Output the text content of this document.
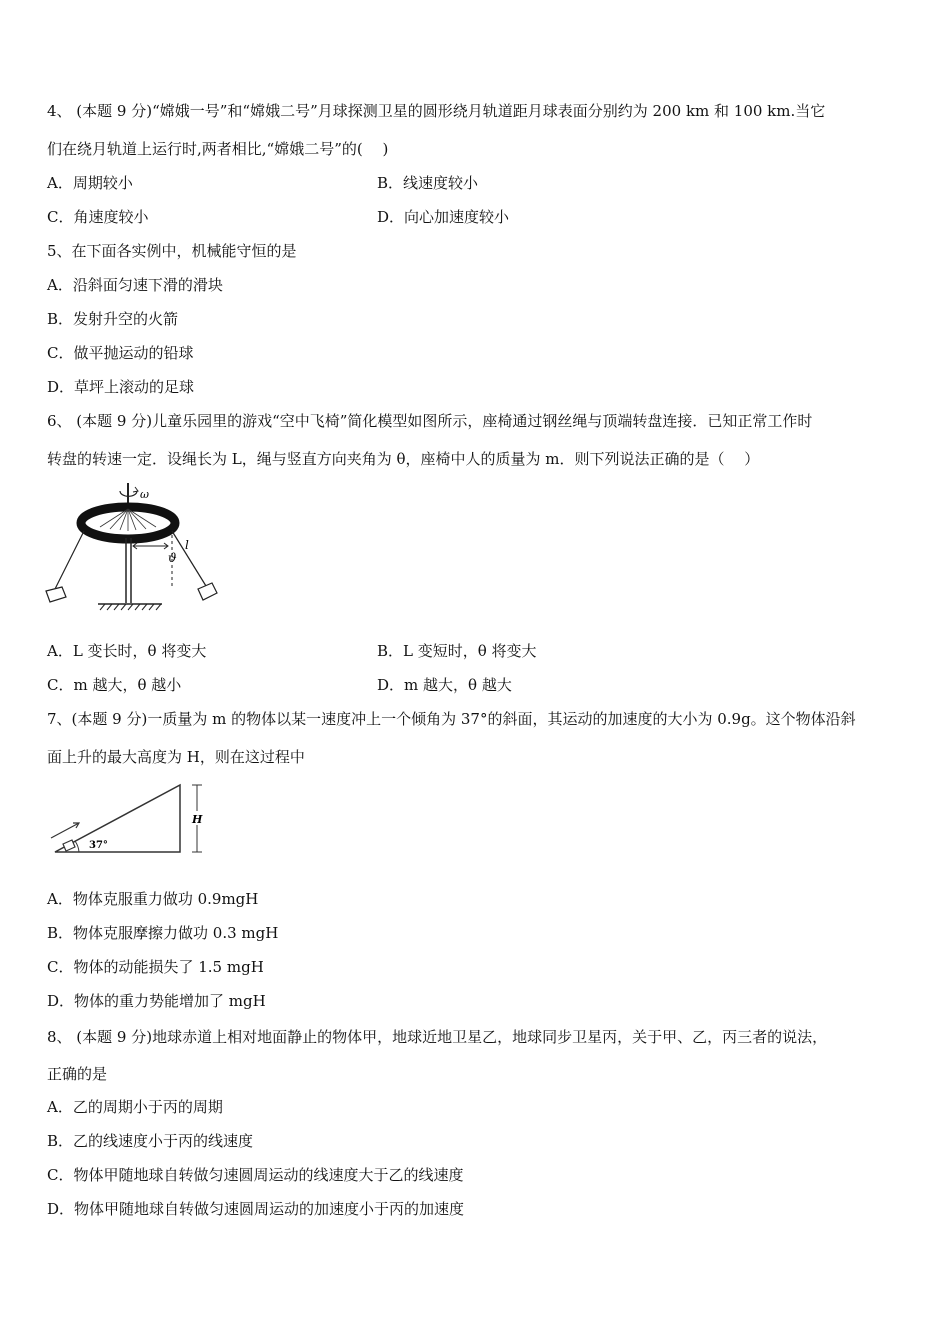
4、 (本题 9 分)“嫦娥一号”和“嫦娥二号”月球探测卫星的圆形绕月轨道距月球表面分别约为 200 km 和 100 km.当它
们在绕月轨道上运行时,两者相比,“嫦娥二号”的(　 )
A．周期较小	B．线速度较小
C．角速度较小	D．向心加速度较小
5、在下面各实例中，机械能守恒的是
A．沿斜面匀速下滑的滑块
B．发射升空的火箭
C．做平抛运动的铅球
D．草坪上滚动的足球
6、 (本题 9 分)儿童乐园里的游戏“空中飞椅”简化模型如图所示，座椅通过钢丝绳与顶端转盘连接．已知正常工作时
转盘的转速一定．设绳长为 L，绳与竖直方向夹角为 θ，座椅中人的质量为 m．则下列说法正确的是（　 ）
ω
ϑ
l
A．L 变长时，θ 将变大	B．L 变短时，θ 将变大
C．m 越大，θ 越小	D．m 越大，θ 越大
7、(本题 9 分)一质量为 m 的物体以某一速度冲上一个倾角为 37°的斜面，其运动的加速度的大小为 0.9g。这个物体沿斜
面上升的最大高度为 H，则在这过程中
37°
H
A．物体克服重力做功 0.9mgH
B．物体克服摩擦力做功 0.3 mgH
C．物体的动能损失了 1.5 mgH
D．物体的重力势能增加了 mgH
8、 (本题 9 分)地球赤道上相对地面静止的物体甲，地球近地卫星乙，地球同步卫星丙，关于甲、乙，丙三者的说法，
正确的是
A．乙的周期小于丙的周期
B．乙的线速度小于丙的线速度
C．物体甲随地球自转做匀速圆周运动的线速度大于乙的线速度
D．物体甲随地球自转做匀速圆周运动的加速度小于丙的加速度
